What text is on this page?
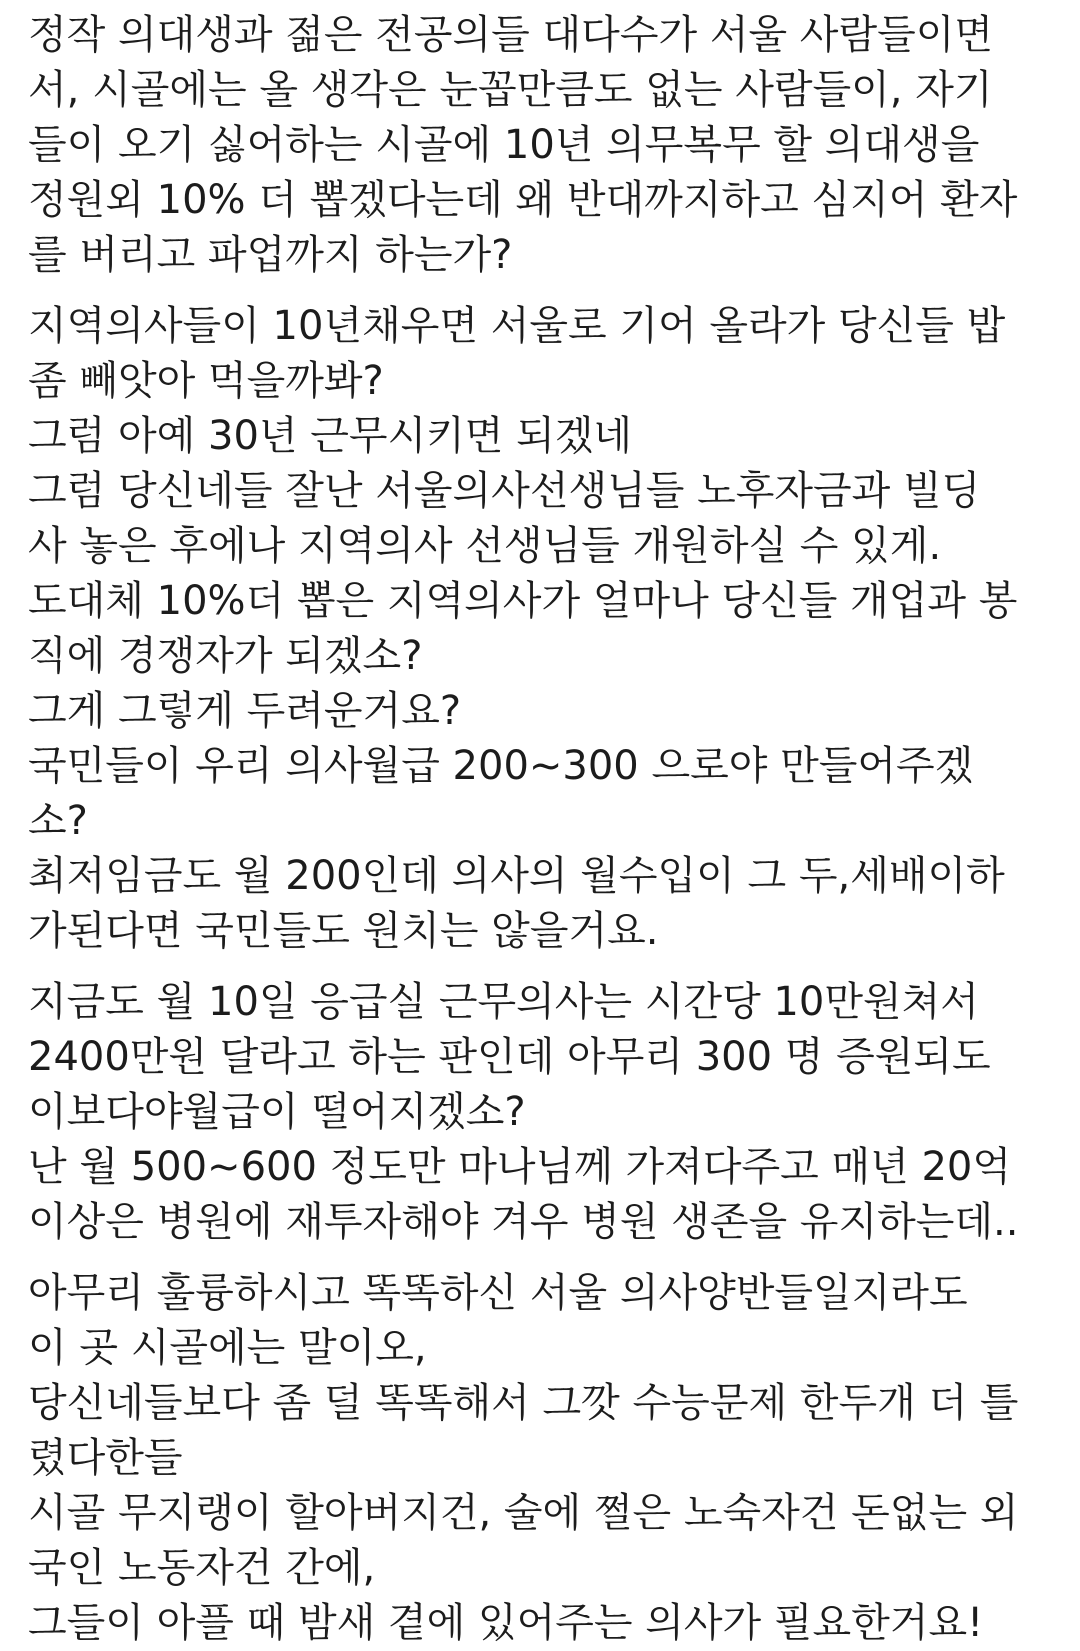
정작 의대생과 젊은 전공의들 대다수가 서울 사람들이면
서, 시골에는 올 생각은 눈꼽만큼도 없는 사람들이, 자기
들이 오기 싫어하는 시골에 10년 의무복무 할 의대생을
정원외 10% 더 뽑겠다는데 왜 반대까지하고 심지어 환자
를 버리고 파업까지 하는가?

지역의사들이 10년채우면 서울로 기어 올라가 당신들 밥
좀 빼앗아 먹을까봐?
그럼 아예 30년 근무시키면 되겠네
그럼 당신네들 잘난 서울의사선생님들 노후자금과 빌딩
사 놓은 후에나 지역의사 선생님들 개원하실 수 있게.
도대체 10%더 뽑은 지역의사가 얼마나 당신들 개업과 봉
직에 경쟁자가 되겠소?
그게 그렇게 두려운거요?
국민들이 우리 의사월급 200~300 으로야 만들어주겠
소?
최저임금도 월 200인데 의사의 월수입이 그 두,세배이하
가된다면 국민들도 원치는 않을거요.

지금도 월 10일 응급실 근무의사는 시간당 10만원쳐서
2400만원 달라고 하는 판인데 아무리 300 명 증원되도
이보다야월급이 떨어지겠소?
난 월 500~600 정도만 마나님께 가져다주고 매년 20억
이상은 병원에 재투자해야 겨우 병원 생존을 유지하는데..

아무리 훌륭하시고 똑똑하신 서울 의사양반들일지라도
이 곳 시골에는 말이오,
당신네들보다 좀 덜 똑똑해서 그깟 수능문제 한두개 더 틀
렸다한들
시골 무지랭이 할아버지건, 술에 쩔은 노숙자건 돈없는 외
국인 노동자건 간에,
그들이 아플 때 밤새 곁에 있어주는 의사가 필요한거요!
